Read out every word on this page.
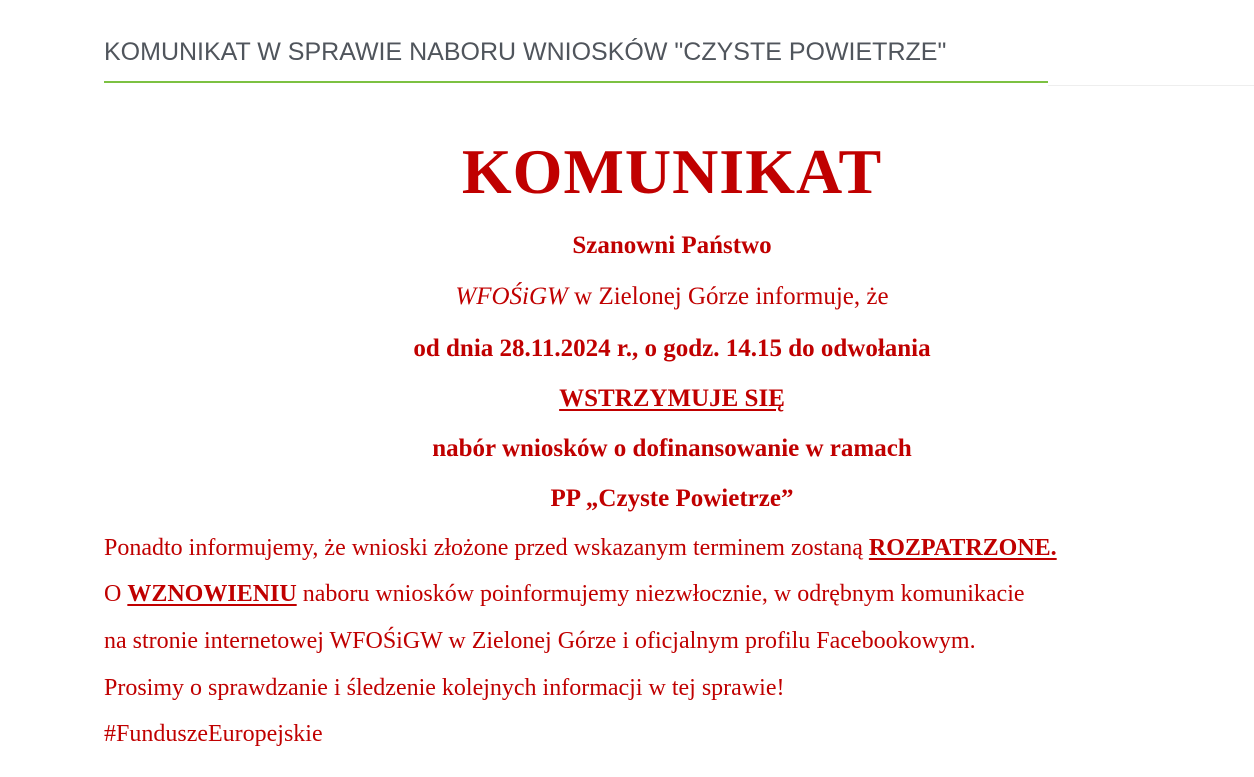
KOMUNIKAT W SPRAWIE NABORU WNIOSKÓW "CZYSTE POWIETRZE"
KOMUNIKAT
Szanowni Państwo
WFOŚiGW w Zielonej Górze informuje, że
od dnia 28.11.2024 r., o godz. 14.15 do odwołania
WSTRZYMUJE SIĘ
nabór wniosków o dofinansowanie w ramach
PP „Czyste Powietrze”
Ponadto informujemy, że wnioski złożone przed wskazanym terminem zostaną ROZPATRZONE.
O WZNOWIENIU naboru wniosków poinformujemy niezwłocznie, w odrębnym komunikacie
na stronie internetowej WFOŚiGW w Zielonej Górze i oficjalnym profilu Facebookowym.
Prosimy o sprawdzanie i śledzenie kolejnych informacji w tej sprawie!
#FunduszeEuropejskie
